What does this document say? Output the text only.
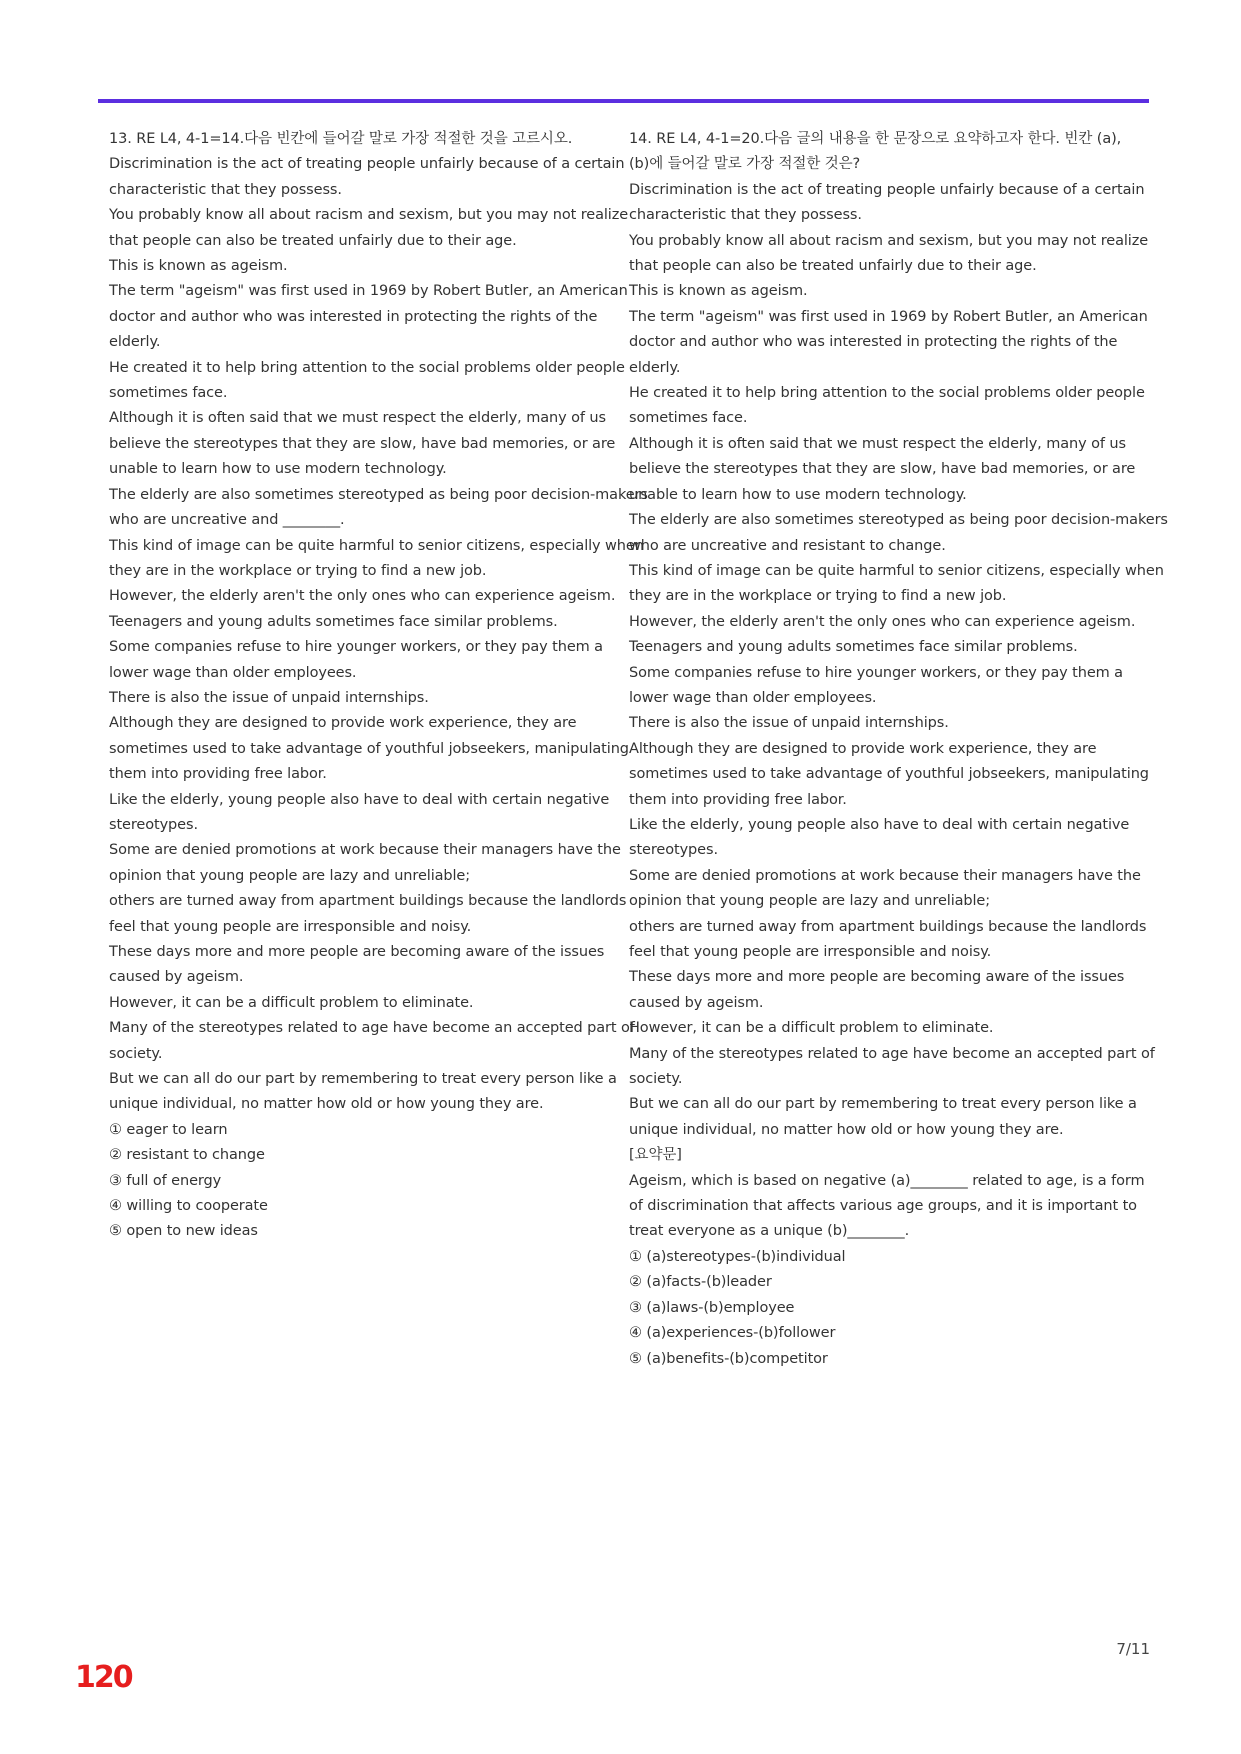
13. RE L4, 4-1=14.다음 빈칸에 들어갈 말로 가장 적절한 것을 고르시오.
Discrimination is the act of treating people unfairly because of a certain
characteristic that they possess.
You probably know all about racism and sexism, but you may not realize
that people can also be treated unfairly due to their age.
This is known as ageism.
The term "ageism" was first used in 1969 by Robert Butler, an American
doctor and author who was interested in protecting the rights of the
elderly.
He created it to help bring attention to the social problems older people
sometimes face.
Although it is often said that we must respect the elderly, many of us
believe the stereotypes that they are slow, have bad memories, or are
unable to learn how to use modern technology.
The elderly are also sometimes stereotyped as being poor decision-makers
who are uncreative and ________.
This kind of image can be quite harmful to senior citizens, especially when
they are in the workplace or trying to find a new job.
However, the elderly aren't the only ones who can experience ageism.
Teenagers and young adults sometimes face similar problems.
Some companies refuse to hire younger workers, or they pay them a
lower wage than older employees.
There is also the issue of unpaid internships.
Although they are designed to provide work experience, they are
sometimes used to take advantage of youthful jobseekers, manipulating
them into providing free labor.
Like the elderly, young people also have to deal with certain negative
stereotypes.
Some are denied promotions at work because their managers have the
opinion that young people are lazy and unreliable;
others are turned away from apartment buildings because the landlords
feel that young people are irresponsible and noisy.
These days more and more people are becoming aware of the issues
caused by ageism.
However, it can be a difficult problem to eliminate.
Many of the stereotypes related to age have become an accepted part of
society.
But we can all do our part by remembering to treat every person like a
unique individual, no matter how old or how young they are.
① eager to learn
② resistant to change
③ full of energy
④ willing to cooperate
⑤ open to new ideas
14. RE L4, 4-1=20.다음 글의 내용을 한 문장으로 요약하고자 한다. 빈칸 (a),
(b)에 들어갈 말로 가장 적절한 것은?
Discrimination is the act of treating people unfairly because of a certain
characteristic that they possess.
You probably know all about racism and sexism, but you may not realize
that people can also be treated unfairly due to their age.
This is known as ageism.
The term "ageism" was first used in 1969 by Robert Butler, an American
doctor and author who was interested in protecting the rights of the
elderly.
He created it to help bring attention to the social problems older people
sometimes face.
Although it is often said that we must respect the elderly, many of us
believe the stereotypes that they are slow, have bad memories, or are
unable to learn how to use modern technology.
The elderly are also sometimes stereotyped as being poor decision-makers
who are uncreative and resistant to change.
This kind of image can be quite harmful to senior citizens, especially when
they are in the workplace or trying to find a new job.
However, the elderly aren't the only ones who can experience ageism.
Teenagers and young adults sometimes face similar problems.
Some companies refuse to hire younger workers, or they pay them a
lower wage than older employees.
There is also the issue of unpaid internships.
Although they are designed to provide work experience, they are
sometimes used to take advantage of youthful jobseekers, manipulating
them into providing free labor.
Like the elderly, young people also have to deal with certain negative
stereotypes.
Some are denied promotions at work because their managers have the
opinion that young people are lazy and unreliable;
others are turned away from apartment buildings because the landlords
feel that young people are irresponsible and noisy.
These days more and more people are becoming aware of the issues
caused by ageism.
However, it can be a difficult problem to eliminate.
Many of the stereotypes related to age have become an accepted part of
society.
But we can all do our part by remembering to treat every person like a
unique individual, no matter how old or how young they are.
[요약문]
Ageism, which is based on negative (a)________ related to age, is a form
of discrimination that affects various age groups, and it is important to
treat everyone as a unique (b)________.
① (a)stereotypes-(b)individual
② (a)facts-(b)leader
③ (a)laws-(b)employee
④ (a)experiences-(b)follower
⑤ (a)benefits-(b)competitor
7/11
120
